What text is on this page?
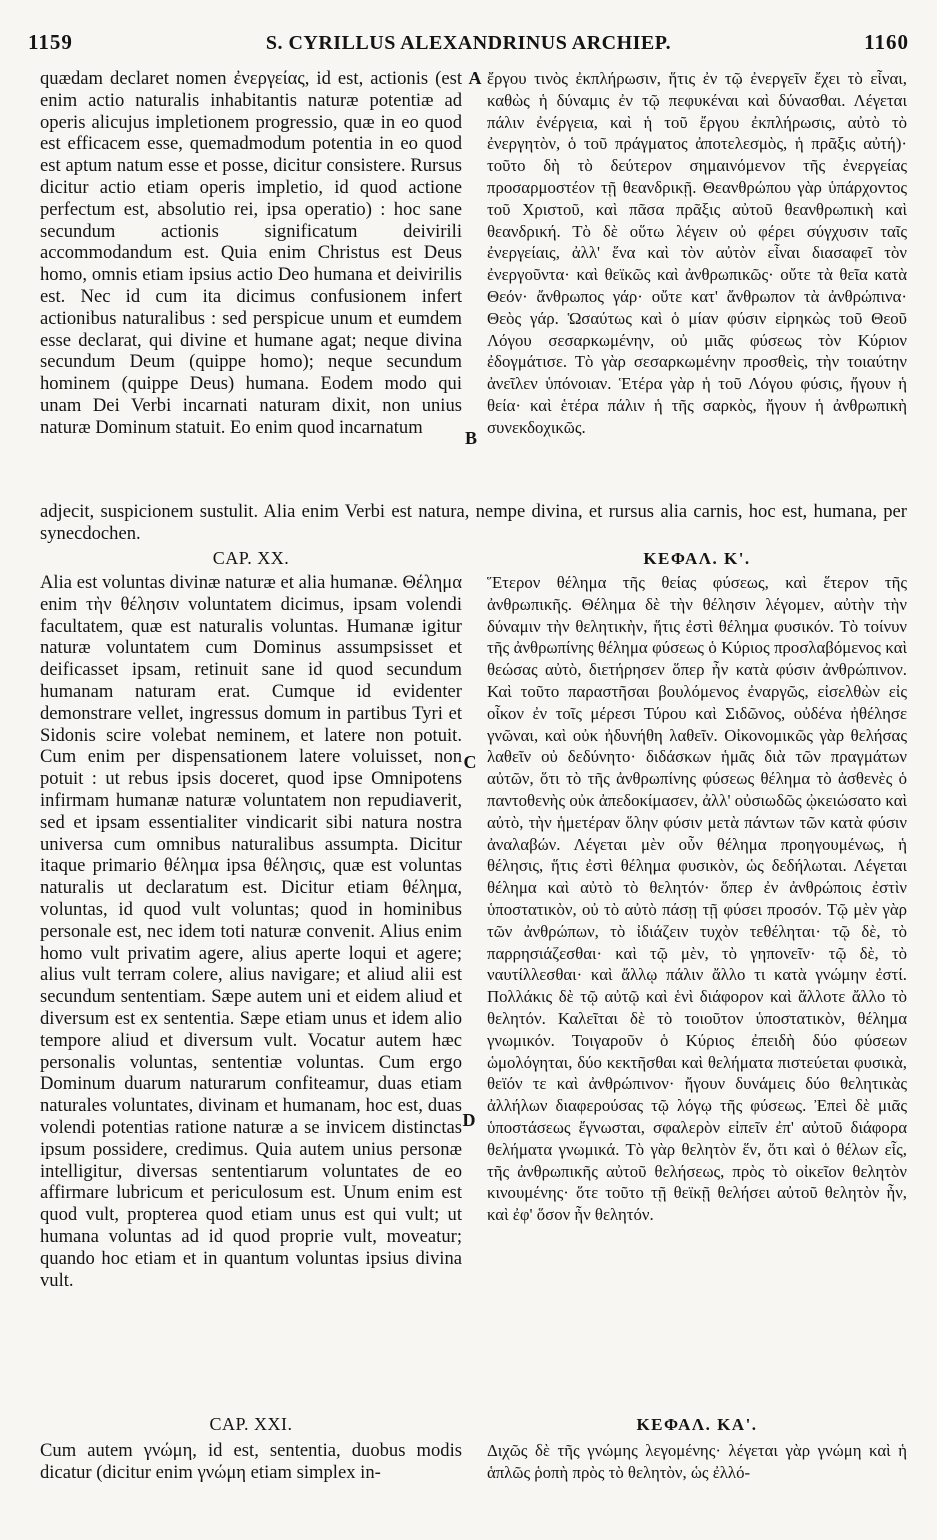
1159	S. CYRILLUS ALEXANDRINUS ARCHIEP.	1160

quædam declaret nomen ἐνεργείας, id est, actionis (est enim actio naturalis inhabitantis naturæ potentiæ ad operis alicujus impletionem progressio, quæ in eo quod est efficacem esse, quemadmodum potentia in eo quod est aptum natum esse et posse, dicitur consistere. Rursus dicitur actio etiam operis impletio, id quod actione perfectum est, absolutio rei, ipsa operatio) : hoc sane secundum actionis significatum deivirili accommodandum est. Quia enim Christus est Deus homo, omnis etiam ipsius actio Deo humana et deivirilis est. Nec id cum ita dicimus confusionem infert actionibus naturalibus : sed perspicue unum et eumdem esse declarat, qui divine et humane agat; neque divina secundum Deum (quippe homo); neque secundum hominem (quippe Deus) humana. Eodem modo qui unam Dei Verbi incarnati naturam dixit, non unius naturæ Dominum statuit. Eo enim quod incarnatum

A ἔργου τινὸς ἐκπλήρωσιν, ἥτις ἐν τῷ ἐνεργεῖν ἔχει τὸ εἶναι, καθὼς ἡ δύναμις ἐν τῷ πεφυκέναι καὶ δύνασθαι. Λέγεται πάλιν ἐνέργεια, καὶ ἡ τοῦ ἔργου ἐκπλήρωσις, αὐτὸ τὸ ἐνεργητὸν, ὁ τοῦ πράγματος ἀποτελεσμὸς, ἡ πρᾶξις αὐτή)· τοῦτο δὴ τὸ δεύτερον σημαινόμενον τῆς ἐνεργείας προσαρμοστέον τῇ θεανδρικῇ. Θεανθρώπου γὰρ ὑπάρχοντος τοῦ Χριστοῦ, καὶ πᾶσα πρᾶξις αὐτοῦ θεανθρωπικὴ καὶ θεανδρική. Τὸ δὲ οὕτω λέγειν οὐ φέρει σύγχυσιν ταῖς ἐνεργείαις, ἀλλ' ἕνα καὶ τὸν αὐτὸν εἶναι διασαφεῖ τὸν ἐνεργοῦντα· καὶ θεϊκῶς καὶ ἀνθρωπικῶς· οὔτε τὰ θεῖα κατὰ Θεόν· ἄνθρωπος γάρ· οὔτε κατ' ἄνθρωπον τὰ ἀνθρώπινα· Θεὸς γάρ. Ὡσαύτως καὶ ὁ μίαν φύσιν εἰρηκὼς τοῦ Θεοῦ Λόγου σεσαρκωμένην, οὐ μιᾶς φύσεως τὸν Κύριον ἐδογμάτισε. Τὸ γὰρ σεσαρκωμένην προσθεὶς, τὴν τοιαύτην ἀνεῖλεν ὑπόνοιαν. Ἑτέρα γὰρ ἡ τοῦ Λόγου φύσις, ἤγουν ἡ θεία· καὶ ἑτέρα πάλιν ἡ τῆς σαρκὸς, ἤγουν ἡ ἀνθρωπικὴ συνεκδοχικῶς.

B
adjecit, suspicionem sustulit. Alia enim Verbi est natura, nempe divina, et rursus alia carnis, hoc est, humana, per synecdochen.
CAP. XX.	ΚΕΦΑΛ. Κ'.

Alia est voluntas divinæ naturæ et alia humanæ. Θέλημα enim τὴν θέλησιν voluntatem dicimus, ipsam volendi facultatem, quæ est naturalis voluntas. Humanæ igitur naturæ voluntatem cum Dominus assumpsisset et deificasset ipsam, retinuit sane id quod secundum humanam naturam erat. Cumque id evidenter demonstrare vellet, ingressus domum in partibus Tyri et Sidonis scire volebat neminem, et latere non potuit. Cum enim per dispensationem latere voluisset, non potuit : ut rebus ipsis doceret, quod ipse Omnipotens infirmam humanæ naturæ voluntatem non repudiaverit, sed et ipsam essentialiter vindicarit sibi natura nostra universa cum omnibus naturalibus assumpta. Dicitur itaque primario θέλημα ipsa θέλησις, quæ est voluntas naturalis ut declaratum est. Dicitur etiam θέλημα, voluntas, id quod vult voluntas; quod in hominibus personale est, nec idem toti naturæ convenit. Alius enim homo vult privatim agere, alius aperte loqui et agere; alius vult terram colere, alius navigare; et aliud alii est secundum sententiam. Sæpe autem uni et eidem aliud et diversum est ex sententia. Sæpe etiam unus et idem alio tempore aliud et diversum vult. Vocatur autem hæc personalis voluntas, sententiæ voluntas. Cum ergo Dominum duarum naturarum confiteamur, duas etiam naturales voluntates, divinam et humanam, hoc est, duas volendi potentias ratione naturæ a se invicem distinctas ipsum possidere, credimus. Quia autem unius personæ intelligitur, diversas sententiarum voluntates de eo affirmare lubricum et periculosum est. Unum enim est quod vult, propterea quod etiam unus est qui vult; ut humana voluntas ad id quod proprie vult, moveatur; quando hoc etiam et in quantum voluntas ipsius divina vult.

C

Ἕτερον θέλημα τῆς θείας φύσεως, καὶ ἕτερον τῆς ἀνθρωπικῆς. Θέλημα δὲ τὴν θέλησιν λέγομεν, αὐτὴν τὴν δύναμιν τὴν θελητικὴν, ἥτις ἐστὶ θέλημα φυσικόν. Τὸ τοίνυν τῆς ἀνθρωπίνης θέλημα φύσεως ὁ Κύριος προσλαβόμενος καὶ θεώσας αὐτὸ, διετήρησεν ὅπερ ἦν κατὰ φύσιν ἀνθρώπινον. Καὶ τοῦτο παραστῆσαι βουλόμενος ἐναργῶς, εἰσελθὼν εἰς οἶκον ἐν τοῖς μέρεσι Τύρου καὶ Σιδῶνος, οὐδένα ἠθέλησε γνῶναι, καὶ οὐκ ἠδυνήθη λαθεῖν. Οἰκονομικῶς γὰρ θελήσας λαθεῖν οὐ δεδύνητο· διδάσκων ἡμᾶς διὰ τῶν πραγμάτων αὐτῶν, ὅτι τὸ τῆς ἀνθρωπίνης φύσεως θέλημα τὸ ἀσθενὲς ὁ παντοθενὴς οὐκ ἀπεδοκίμασεν, ἀλλ' οὐσιωδῶς ᾠκειώσατο καὶ αὐτὸ, τὴν ἡμετέραν ὅλην φύσιν μετὰ πάντων τῶν κατὰ φύσιν ἀναλαβών. Λέγεται μὲν οὖν θέλημα προηγουμένως, ἡ θέλησις, ἥτις ἐστὶ θέλημα φυσικὸν, ὡς δεδήλωται. Λέγεται θέλημα καὶ αὐτὸ τὸ θελητόν· ὅπερ ἐν ἀνθρώποις ἐστὶν ὑποστατικὸν, οὐ τὸ αὐτὸ πάσῃ τῇ φύσει προσόν. Τῷ μὲν γὰρ τῶν ἀνθρώπων, τὸ ἰδιάζειν τυχὸν τεθέληται· τῷ δὲ, τὸ παρρησιάζεσθαι· καὶ τῷ μὲν, τὸ γηπονεῖν· τῷ δὲ, τὸ ναυτίλλεσθαι· καὶ ἄλλῳ πάλιν ἄλλο τι κατὰ γνώμην ἐστί. Πολλάκις δὲ τῷ αὐτῷ καὶ ἑνὶ διάφορον καὶ ἄλλοτε ἄλλο τὸ θελητόν. Καλεῖται δὲ τὸ τοιοῦτον ὑποστατικὸν, θέλημα γνωμικόν. Τοιγαροῦν ὁ Κύριος ἐπειδὴ δύο φύσεων ὡμολόγηται, δύο κεκτῆσθαι καὶ θελήματα πιστεύεται φυσικὰ, θεϊόν τε καὶ ἀνθρώπινον· ἤγουν δυνάμεις δύο θελητικὰς ἀλλήλων διαφερούσας τῷ λόγῳ τῆς φύσεως. Ἐπεὶ δὲ μιᾶς ὑποστάσεως ἔγνωσται, σφαλερὸν εἰπεῖν ἐπ' αὐτοῦ διάφορα θελήματα γνωμικά. Τὸ γὰρ θελητὸν ἕν, ὅτι καὶ ὁ θέλων εἷς, τῆς ἀνθρωπικῆς αὐτοῦ θελήσεως, πρὸς τὸ οἰκεῖον θελητὸν κινουμένης· ὅτε τοῦτο τῇ θεϊκῇ θελήσει αὐτοῦ θελητὸν ἦν, καὶ ἐφ' ὅσον ἦν θελητόν.

D
CAP. XXI.	ΚΕΦΑΛ. ΚΑ'.

Cum autem γνώμη, id est, sententia, duobus modis dicatur (dicitur enim γνώμη etiam simplex in-

Διχῶς δὲ τῆς γνώμης λεγομένης· λέγεται γὰρ γνώμη καὶ ἡ ἁπλῶς ῥοπὴ πρὸς τὸ θελητὸν, ὡς ἐλλό-
